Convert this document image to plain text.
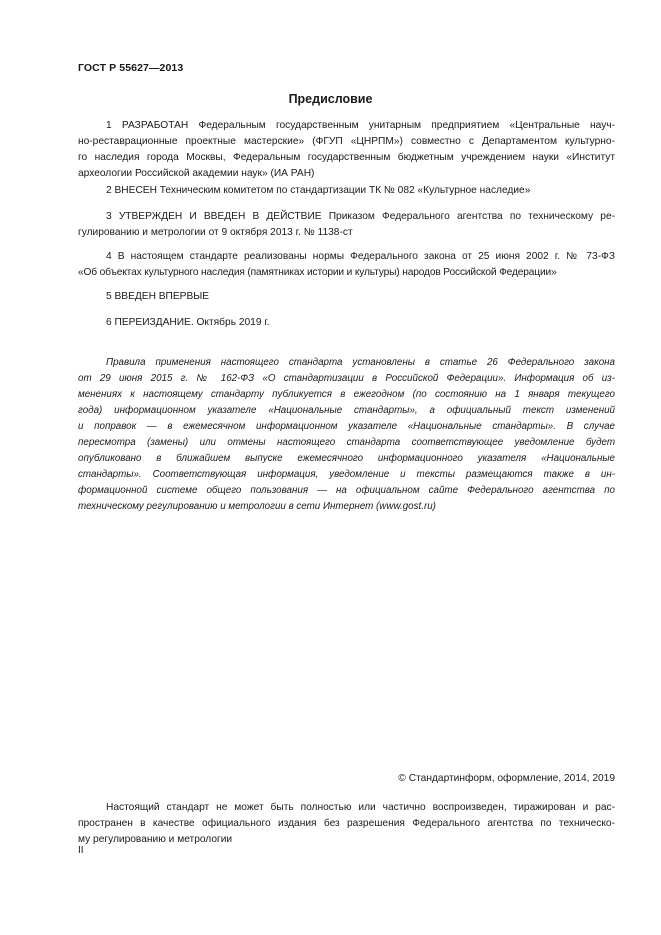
ГОСТ Р 55627—2013
Предисловие
1 РАЗРАБОТАН Федеральным государственным унитарным предприятием «Центральные науч-
но-реставрационные проектные мастерские» (ФГУП «ЦНРПМ») совместно с Департаментом культурно-
го наследия города Москвы, Федеральным государственным бюджетным учреждением науки «Институт
археологии Российской академии наук» (ИА РАН)
2 ВНЕСЕН Техническим комитетом по стандартизации ТК № 082 «Культурное наследие»
3 УТВЕРЖДЕН И ВВЕДЕН В ДЕЙСТВИЕ Приказом Федерального агентства по техническому ре-
гулированию и метрологии от 9 октября 2013 г. № 1138-ст
4 В настоящем стандарте реализованы нормы Федерального закона от 25 июня 2002 г. № 73-ФЗ
«Об объектах культурного наследия (памятниках истории и культуры) народов Российской Федерации»
5 ВВЕДЕН ВПЕРВЫЕ
6 ПЕРЕИЗДАНИЕ. Октябрь 2019 г.
Правила применения настоящего стандарта установлены в статье 26 Федерального закона
от 29 июня 2015 г. № 162-ФЗ «О стандартизации в Российской Федерации». Информация об из-
менениях к настоящему стандарту публикуется в ежегодном (по состоянию на 1 января текущего
года) информационном указателе «Национальные стандарты», а официальный текст изменений
и поправок — в ежемесячном информационном указателе «Национальные стандарты». В случае
пересмотра (замены) или отмены настоящего стандарта соответствующее уведомление будет
опубликовано в ближайшем выпуске ежемесячного информационного указателя «Национальные
стандарты». Соответствующая информация, уведомление и тексты размещаются также в ин-
формационной системе общего пользования — на официальном сайте Федерального агентства по
техническому регулированию и метрологии в сети Интернет (www.gost.ru)
© Стандартинформ, оформление, 2014, 2019
Настоящий стандарт не может быть полностью или частично воспроизведен, тиражирован и рас-
пространен в качестве официального издания без разрешения Федерального агентства по техническо-
му регулированию и метрологии
II
